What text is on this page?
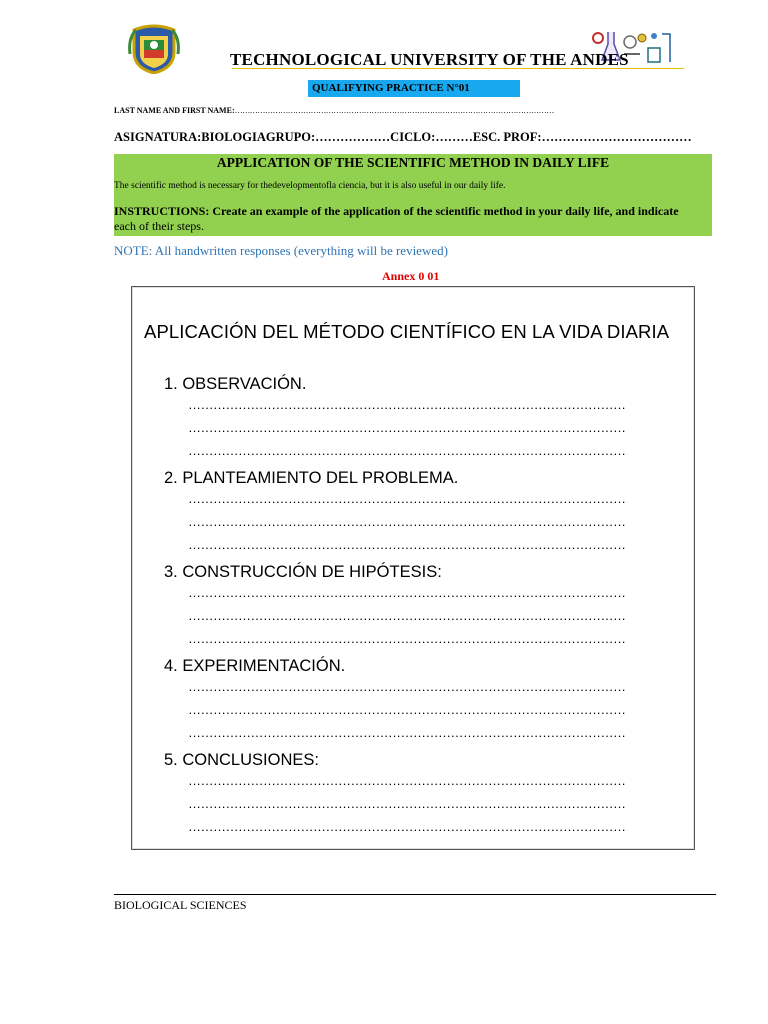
TECHNOLOGICAL UNIVERSITY OF THE ANDES
QUALIFYING PRACTICE N°01
LAST NAME AND FIRST NAME:………………………………………………………………………………………………………………
ASIGNATURA:BIOLOGIAGRUPO:………………CICLO:………ESC. PROF:………………………………
APPLICATION OF THE SCIENTIFIC METHOD IN DAILY LIFE
The scientific method is necessary for thedevelopmentofla ciencia, but it is also useful in our daily life.
INSTRUCTIONS: Create an example of the application of the scientific method in your daily life, and indicate
each of their steps.
NOTE: All handwritten responses (everything will be reviewed)
Annex 0 01
APLICACIÓN DEL MÉTODO CIENTÍFICO EN LA VIDA DIARIA
1. OBSERVACIÓN.
……………………………………………………………………………………………
……………………………………………………………………………………………
……………………………………………………………………………………………
2. PLANTEAMIENTO DEL PROBLEMA.
……………………………………………………………………………………………
……………………………………………………………………………………………
……………………………………………………………………………………………
3. CONSTRUCCIÓN DE HIPÓTESIS:
……………………………………………………………………………………………
……………………………………………………………………………………………
……………………………………………………………………………………………
4. EXPERIMENTACIÓN.
……………………………………………………………………………………………
……………………………………………………………………………………………
……………………………………………………………………………………………
5. CONCLUSIONES:
……………………………………………………………………………………………
……………………………………………………………………………………………
……………………………………………………………………………………………
BIOLOGICAL SCIENCES
